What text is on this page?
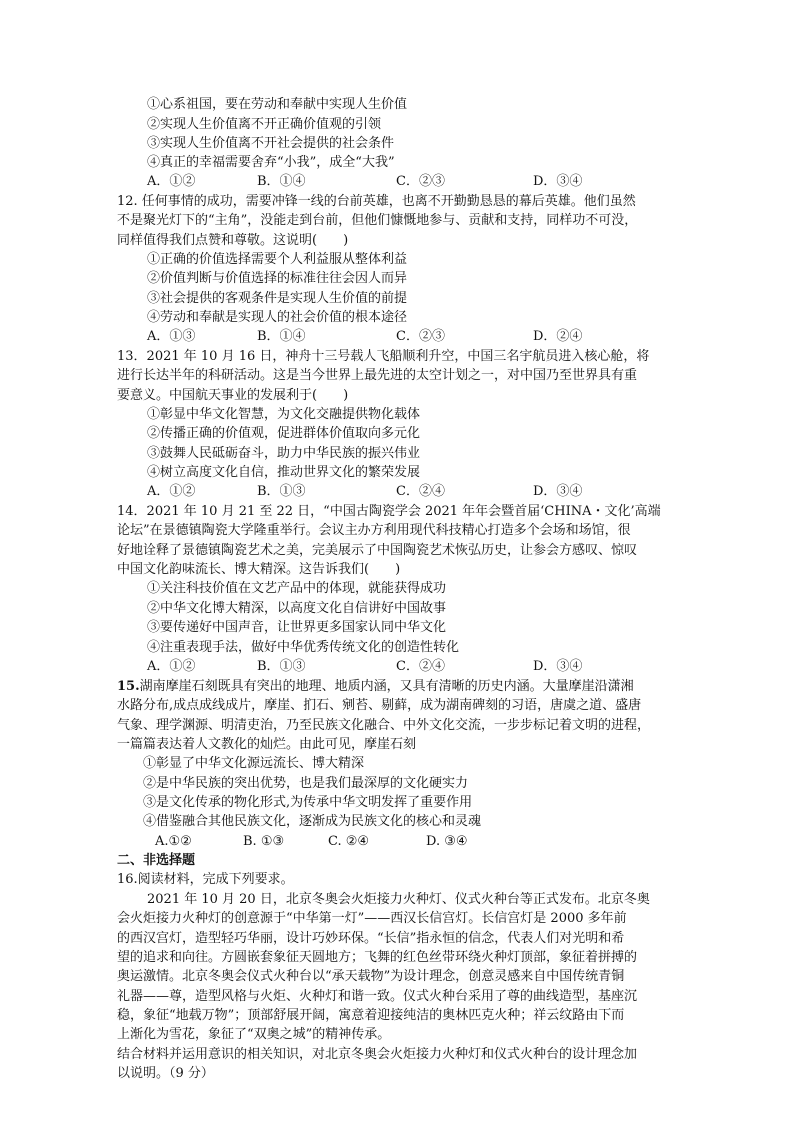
①心系祖国，要在劳动和奉献中实现人生价值
②实现人生价值离不开正确价值观的引领
③实现人生价值离不开社会提供的社会条件
④真正的幸福需要舍弃“小我”，成全“大我”
A．①②	B．①④	C．②③	D．③④
12. 任何事情的成功，需要冲锋一线的台前英雄，也离不开勤勤恳恳的幕后英雄。他们虽然
不是聚光灯下的“主角”，没能走到台前，但他们慷慨地参与、贡献和支持，同样功不可没，
同样值得我们点赞和尊敬。这说明(　　)
①正确的价值选择需要个人利益服从整体利益
②价值判断与价值选择的标准往往会因人而异
③社会提供的客观条件是实现人生价值的前提
④劳动和奉献是实现人的社会价值的根本途径
A．①③	B．①④	C．②③	D．②④
13．2021 年 10 月 16 日，神舟十三号载人飞船顺利升空，中国三名宇航员进入核心舱，将
进行长达半年的科研活动。这是当今世界上最先进的太空计划之一，对中国乃至世界具有重
要意义。中国航天事业的发展利于(　　)
①彰显中华文化智慧，为文化交融提供物化载体
②传播正确的价值观，促进群体价值取向多元化
③鼓舞人民砥砺奋斗，助力中华民族的振兴伟业
④树立高度文化自信，推动世界文化的繁荣发展
A．①②	B．①③	C．②④	D．③④
14．2021 年 10 月 21 至 22 日，“中国古陶瓷学会 2021 年年会暨首届‘CHINA・文化’高端
论坛”在景德镇陶瓷大学隆重举行。会议主办方利用现代科技精心打造多个会场和场馆，很
好地诠释了景德镇陶瓷艺术之美，完美展示了中国陶瓷艺术恢弘历史，让参会方感叹、惊叹
中国文化韵味流长、博大精深。这告诉我们(　　)
①关注科技价值在文艺产品中的体现，就能获得成功
②中华文化博大精深，以高度文化自信讲好中国故事
③要传递好中国声音，让世界更多国家认同中华文化
④注重表现手法，做好中华优秀传统文化的创造性转化
A．①②	B．①③	C．②④	D．③④
15.湖南摩崖石刻既具有突出的地理、地质内涵，又具有清晰的历史内涵。大量摩崖沿潇湘
水路分布,成点成线成片，摩崖、扪石、剜苔、剔藓，成为湖南碑刻的习语，唐虞之道、盛唐
气象、理学渊源、明清吏治，乃至民族文化融合、中外文化交流，一步步标记着文明的进程，
一篇篇表达着人文教化的灿烂。由此可见，摩崖石刻
①彰显了中华文化源远流长、博大精深
②是中华民族的突出优势，也是我们最深厚的文化硬实力
③是文化传承的物化形式,为传承中华文明发挥了重要作用
④借鉴融合其他民族文化，逐渐成为民族文化的核心和灵魂
A.①②	B. ①③	C. ②④	D. ③④
二、非选择题
16.阅读材料，完成下列要求。
2021 年 10 月 20 日，北京冬奥会火炬接力火种灯、仪式火种台等正式发布。北京冬奥
会火炬接力火种灯的创意源于“中华第一灯”——西汉长信宫灯。长信宫灯是 2000 多年前
的西汉宫灯，造型轻巧华丽，设计巧妙环保。“长信”指永恒的信念，代表人们对光明和希
望的追求和向往。方圆嵌套象征天圆地方；飞舞的红色丝带环绕火种灯顶部，象征着拼搏的
奥运激情。北京冬奥会仪式火种台以“承天载物”为设计理念，创意灵感来自中国传统青铜
礼器——尊，造型风格与火炬、火种灯和谐一致。仪式火种台采用了尊的曲线造型，基座沉
稳，象征“地载万物”；顶部舒展开阔，寓意着迎接纯洁的奥林匹克火种；祥云纹路由下而
上渐化为雪花，象征了“双奥之城”的精神传承。
结合材料并运用意识的相关知识，对北京冬奥会火炬接力火种灯和仪式火种台的设计理念加
以说明。（9 分）
